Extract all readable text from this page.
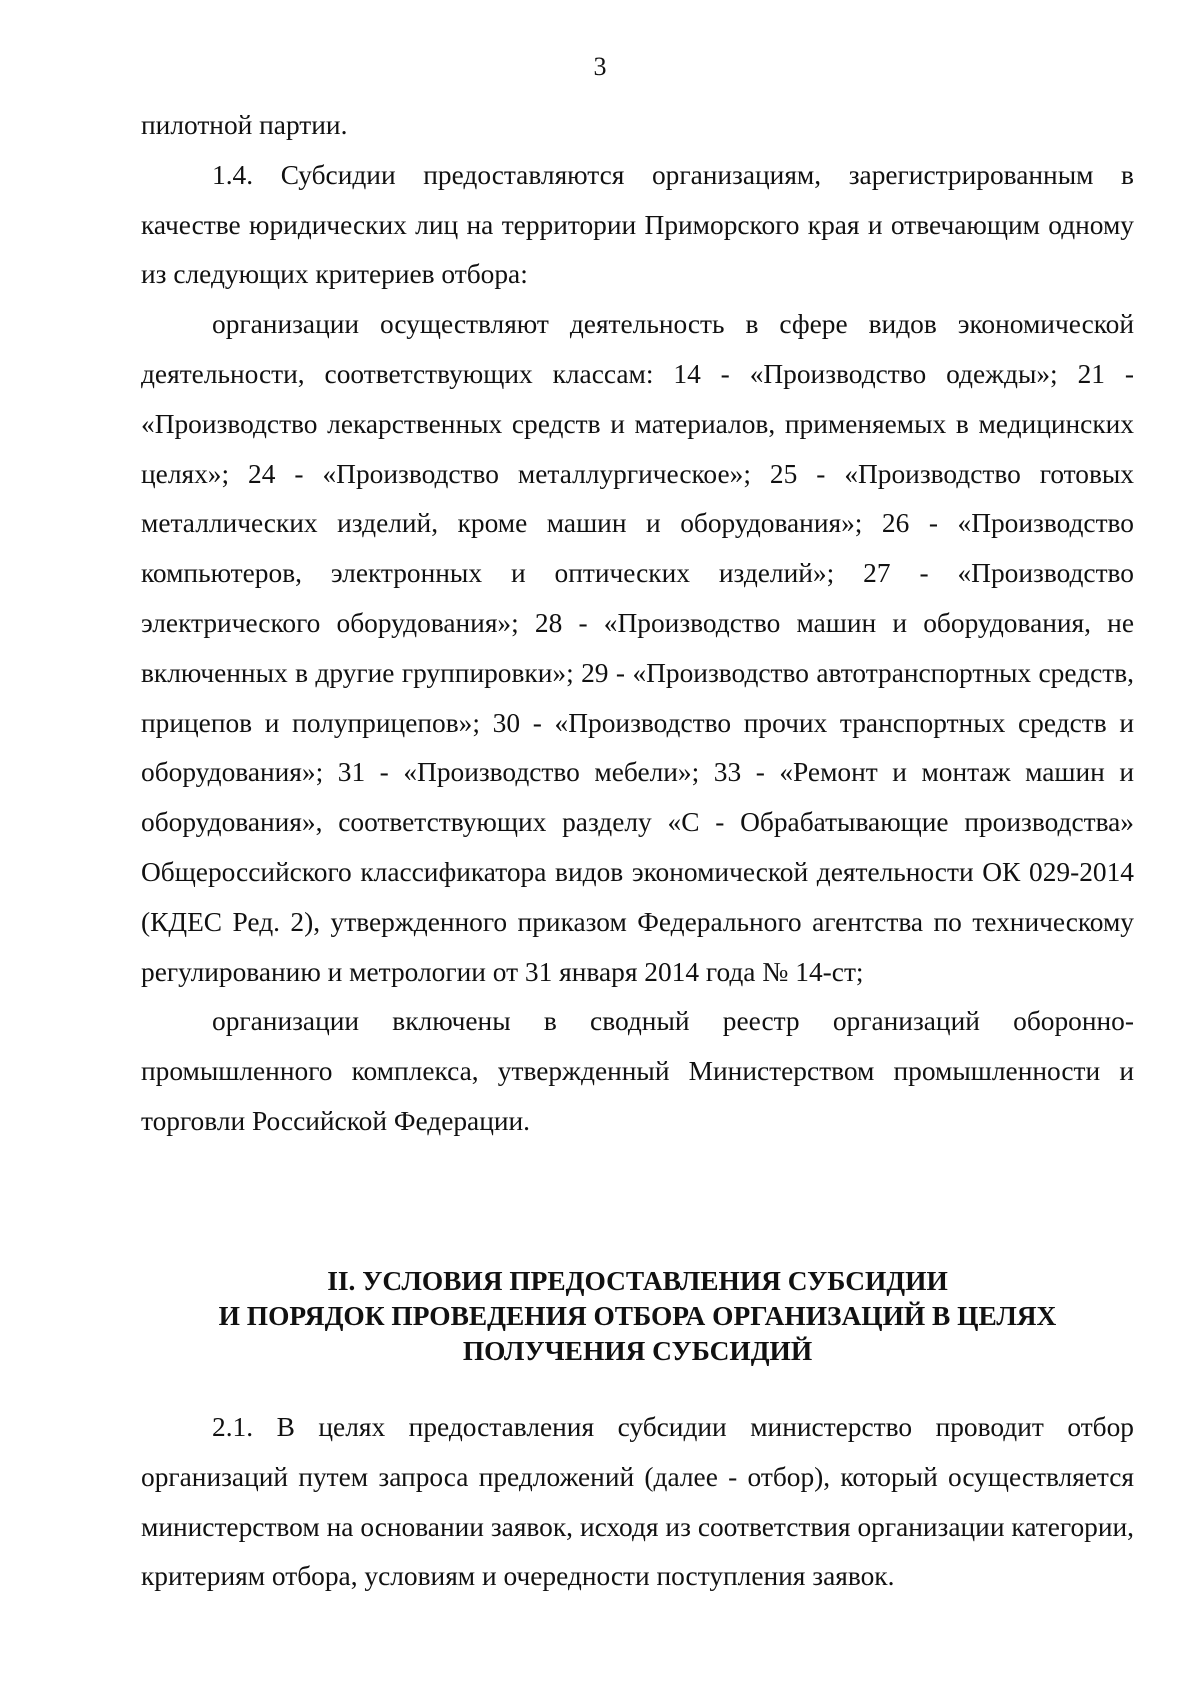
3

пилотной партии.

1.4. Субсидии предоставляются организациям, зарегистрированным в качестве юридических лиц на территории Приморского края и отвечающим одному из следующих критериев отбора:

организации осуществляют деятельность в сфере видов экономической деятельности, соответствующих классам: 14 - «Производство одежды»; 21 - «Производство лекарственных средств и материалов, применяемых в медицинских целях»; 24 - «Производство металлургическое»; 25 - «Производство готовых металлических изделий, кроме машин и оборудования»; 26 - «Производство компьютеров, электронных и оптических изделий»; 27 - «Производство электрического оборудования»; 28 - «Производство машин и оборудования, не включенных в другие группировки»; 29 - «Производство автотранспортных средств, прицепов и полуприцепов»; 30 - «Производство прочих транспортных средств и оборудования»; 31 - «Производство мебели»; 33 - «Ремонт и монтаж машин и оборудования», соответствующих разделу «С - Обрабатывающие производства» Общероссийского классификатора видов экономической деятельности ОК 029-2014 (КДЕС Ред. 2), утвержденного приказом Федерального агентства по техническому регулированию и метрологии от 31 января 2014 года № 14-ст;

организации включены в сводный реестр организаций оборонно-промышленного комплекса, утвержденный Министерством промышленности и торговли Российской Федерации.

II. УСЛОВИЯ ПРЕДОСТАВЛЕНИЯ СУБСИДИИ
И ПОРЯДОК ПРОВЕДЕНИЯ ОТБОРА ОРГАНИЗАЦИЙ В ЦЕЛЯХ
ПОЛУЧЕНИЯ СУБСИДИЙ

2.1. В целях предоставления субсидии министерство проводит отбор организаций путем запроса предложений (далее - отбор), который осуществляется министерством на основании заявок, исходя из соответствия организации категории, критериям отбора, условиям и очередности поступления заявок.
